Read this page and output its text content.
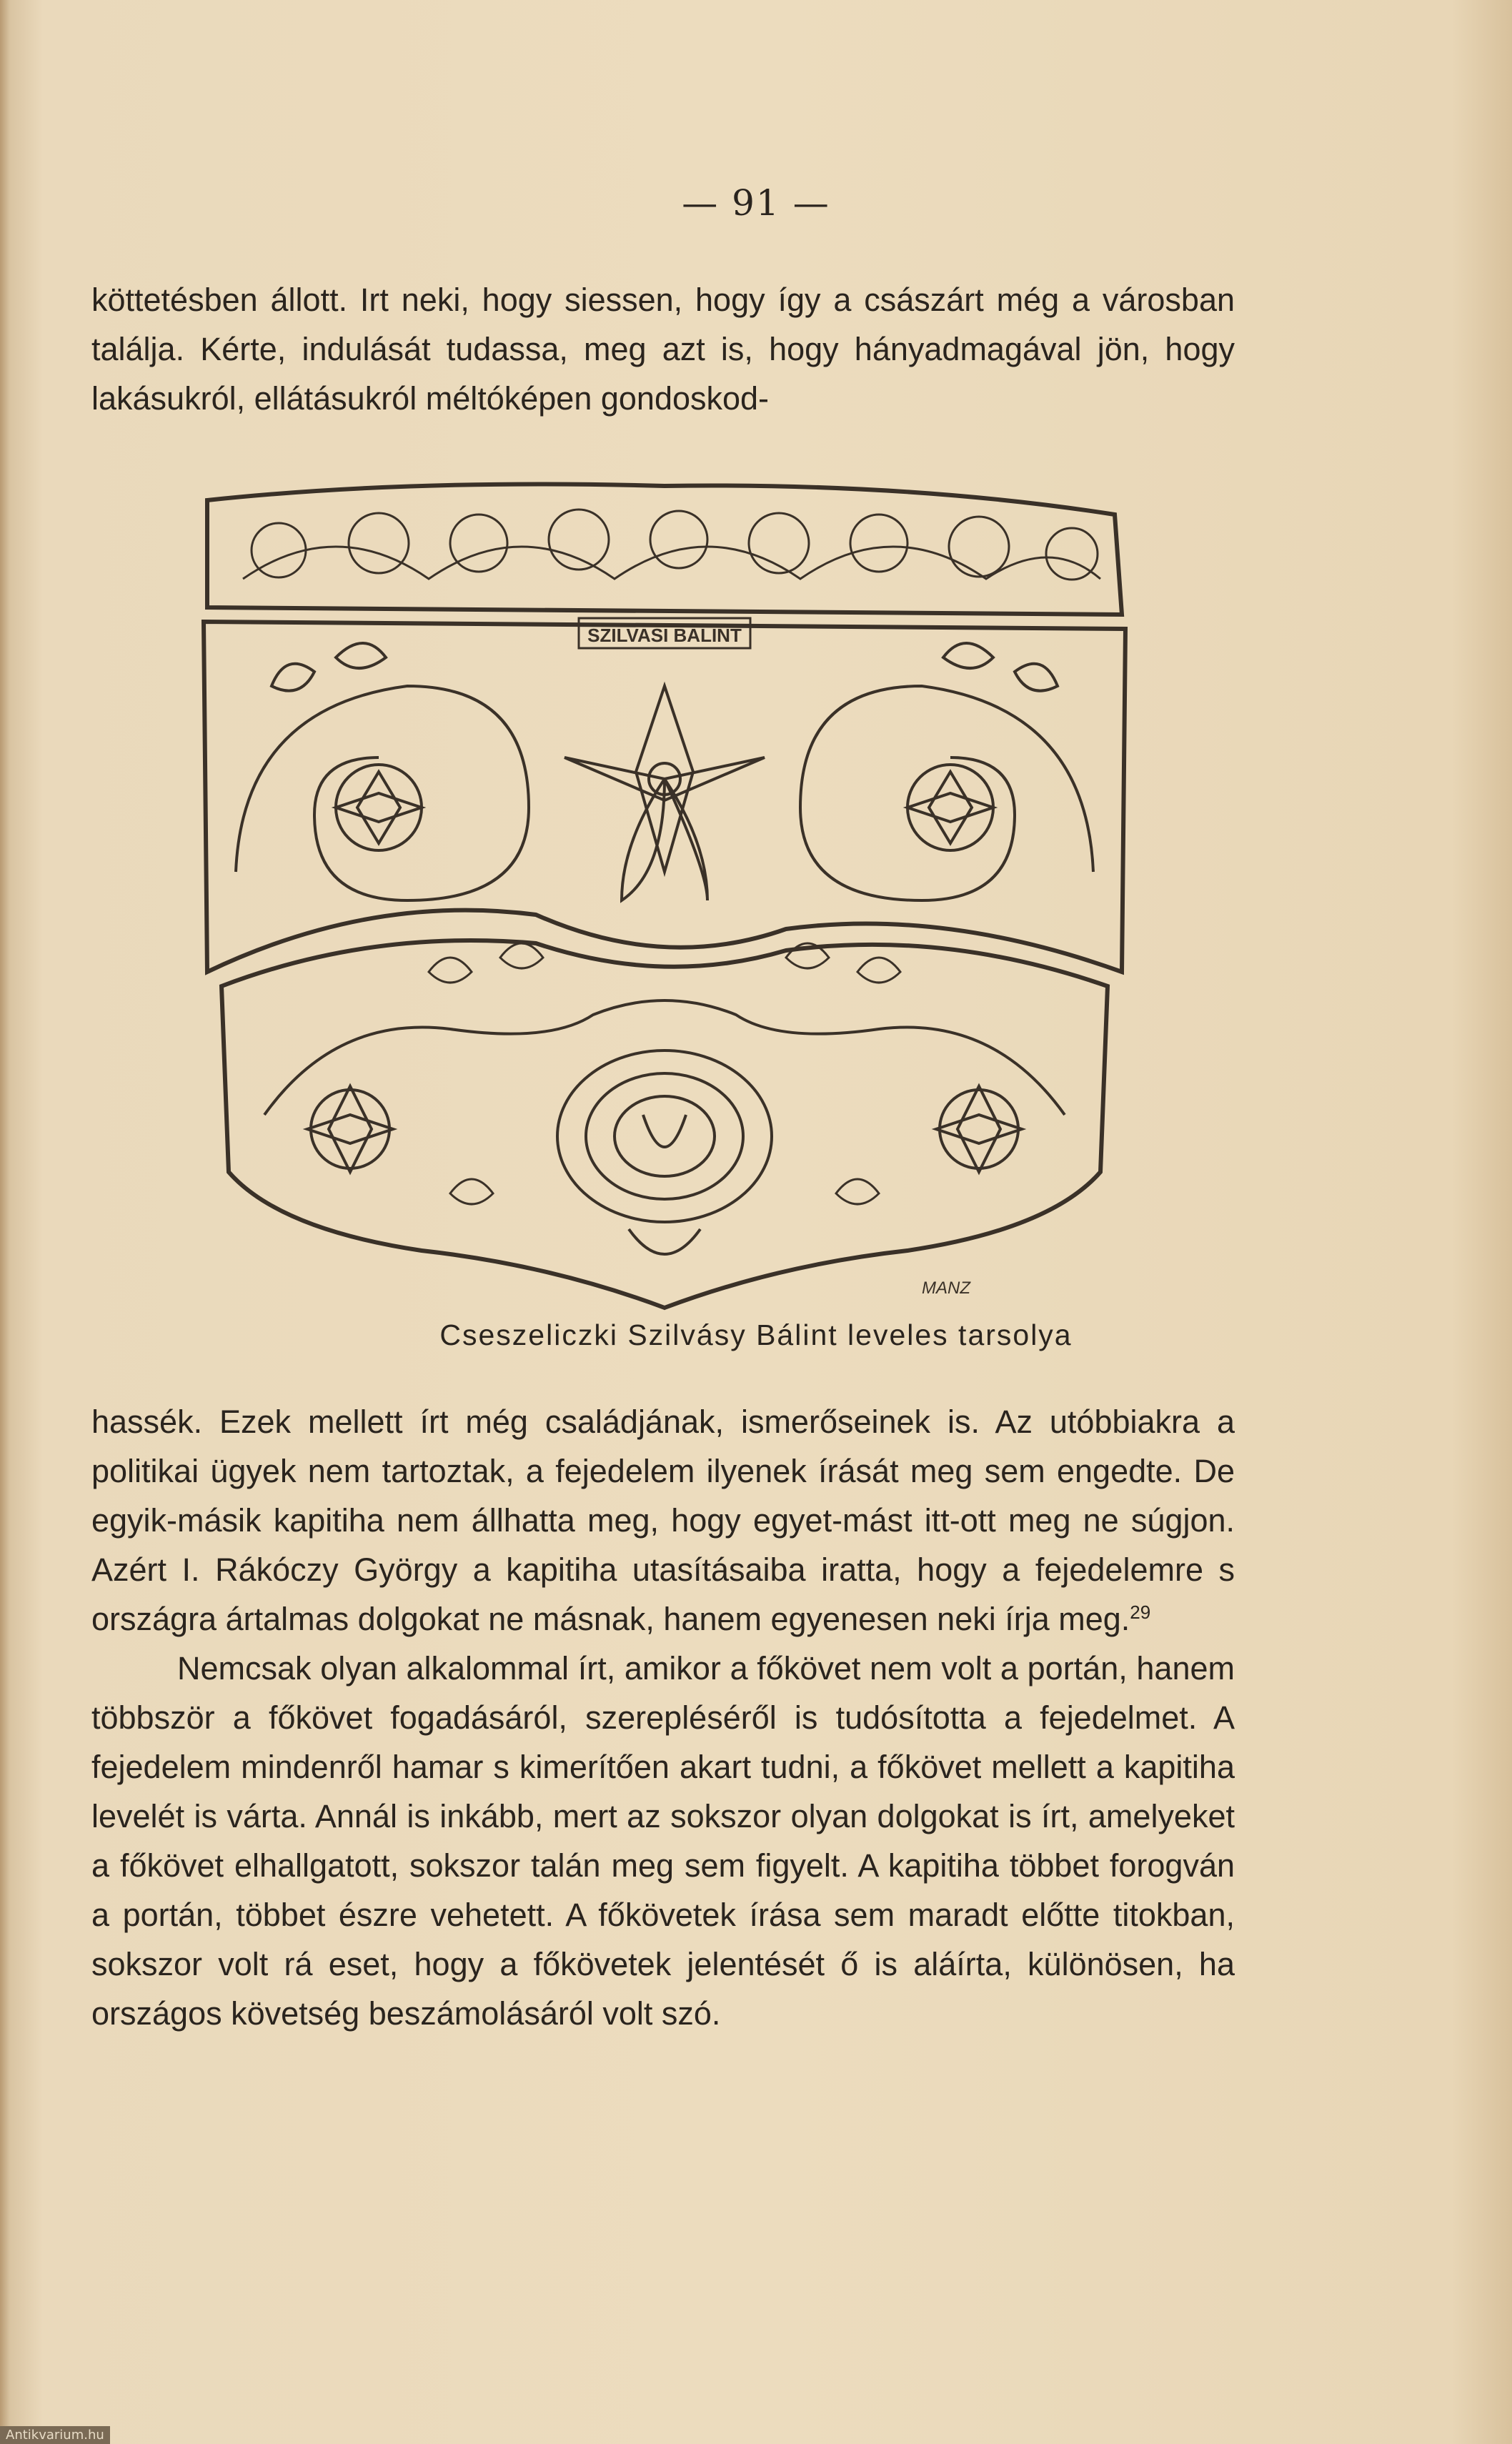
— 91 —

köttetésben állott. Irt neki, hogy siessen, hogy így a császárt még a városban találja. Kérte, indulását tudassa, meg azt is, hogy hányadmagával jön, hogy lakásukról, ellátásukról méltóképen gondoskod-

SZILVASI BALINT
MANZ
Cseszeliczki Szilvásy Bálint leveles tarsolya

hassék. Ezek mellett írt még családjának, ismerőseinek is. Az utóbbiakra a politikai ügyek nem tartoztak, a fejedelem ilyenek írását meg sem engedte. De egyik-másik kapitiha nem állhatta meg, hogy egyet-mást itt-ott meg ne súgjon. Azért I. Rákóczy György a kapitiha utasításaiba iratta, hogy a fejedelemre s országra ártalmas dolgokat ne másnak, hanem egyenesen neki írja meg.$^{29}$

Nemcsak olyan alkalommal írt, amikor a főkövet nem volt a portán, hanem többször a főkövet fogadásáról, szerepléséről is tudósította a fejedelmet. A fejedelem mindenről hamar s kimerítően akart tudni, a főkövet mellett a kapitiha levelét is várta. Annál is inkább, mert az sokszor olyan dolgokat is írt, amelyeket a főkövet elhallgatott, sokszor talán meg sem figyelt. A kapitiha többet forogván a portán, többet észre vehetett. A főkövetek írása sem maradt előtte titokban, sokszor volt rá eset, hogy a főkövetek jelentését ő is aláírta, különösen, ha országos követség beszámolásáról volt szó.

Antikvarium.hu
